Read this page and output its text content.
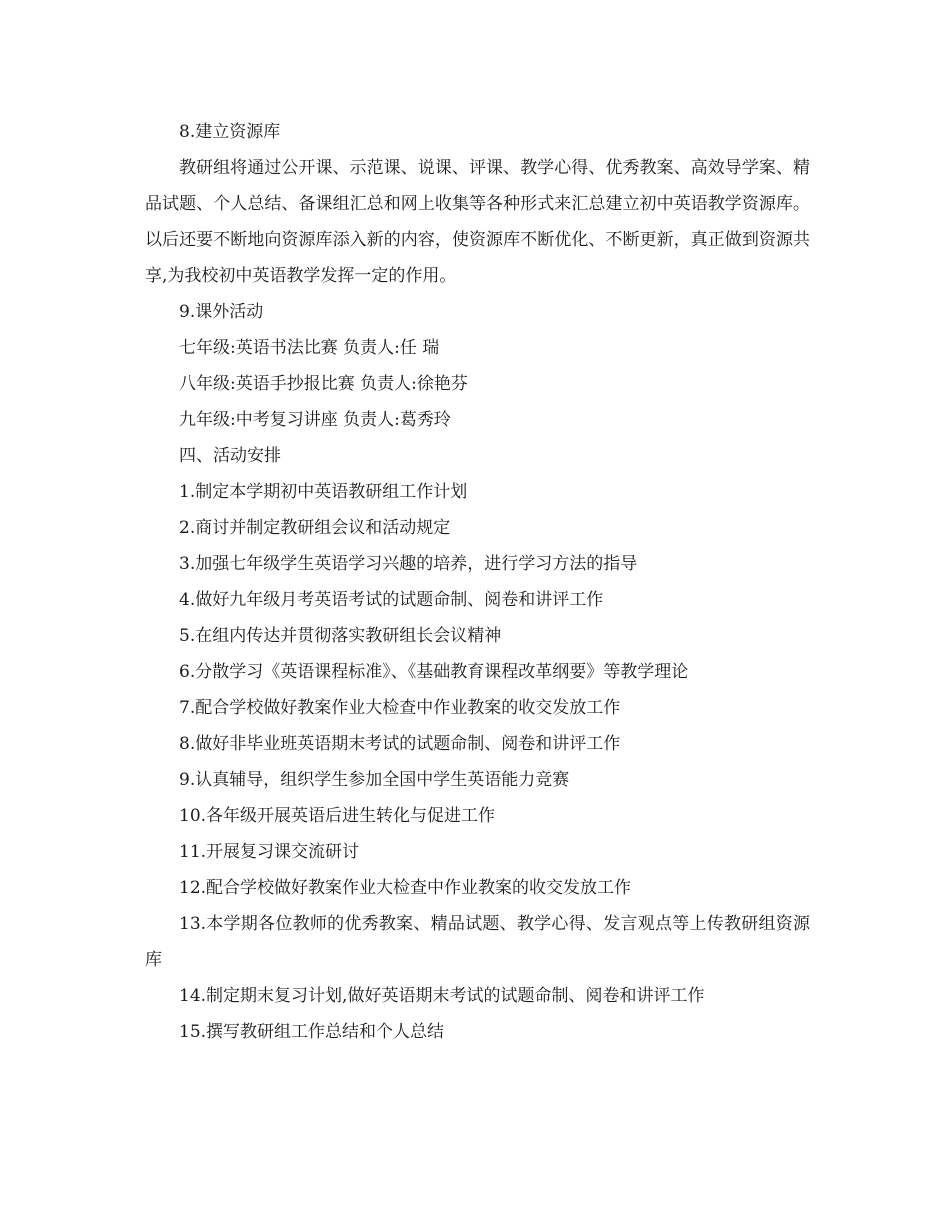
8.建立资源库

教研组将通过公开课、示范课、说课、评课、教学心得、优秀教案、高效导学案、精品试题、个人总结、备课组汇总和网上收集等各种形式来汇总建立初中英语教学资源库。以后还要不断地向资源库添入新的内容，使资源库不断优化、不断更新，真正做到资源共享,为我校初中英语教学发挥一定的作用。

9.课外活动

七年级:英语书法比赛 负责人:任 瑞

八年级:英语手抄报比赛 负责人:徐艳芬

九年级:中考复习讲座 负责人:葛秀玲

四、活动安排

1.制定本学期初中英语教研组工作计划

2.商讨并制定教研组会议和活动规定

3.加强七年级学生英语学习兴趣的培养，进行学习方法的指导

4.做好九年级月考英语考试的试题命制、阅卷和讲评工作

5.在组内传达并贯彻落实教研组长会议精神

6.分散学习《英语课程标准》、《基础教育课程改革纲要》等教学理论

7.配合学校做好教案作业大检查中作业教案的收交发放工作

8.做好非毕业班英语期末考试的试题命制、阅卷和讲评工作

9.认真辅导，组织学生参加全国中学生英语能力竞赛

10.各年级开展英语后进生转化与促进工作

11.开展复习课交流研讨

12.配合学校做好教案作业大检查中作业教案的收交发放工作

13.本学期各位教师的优秀教案、精品试题、教学心得、发言观点等上传教研组资源库

14.制定期末复习计划,做好英语期末考试的试题命制、阅卷和讲评工作

15.撰写教研组工作总结和个人总结
